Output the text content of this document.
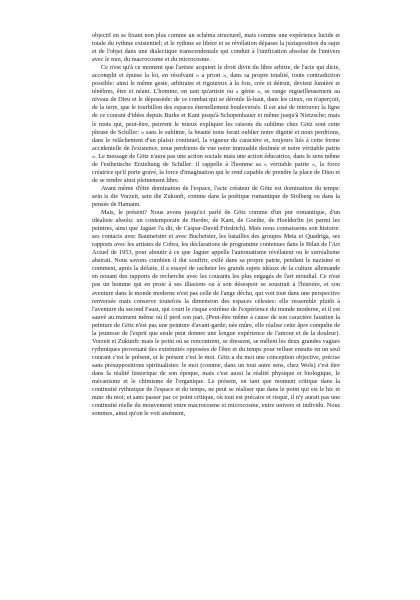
objectif en se fixant non plus comme un schéma structurel, mais comme une expérience lucide et totale du rythme existentiel; et le rythme se libère et se révélation dépasse la juxtaposition du sujet et de l'objet dans une dialectique transcendentale qui conduit à l'unification absolue de l'univers avec le moi, du macrocosme et du microcosme.

Ce n'est qu'à ce moment que l'artiste acquiert le droit divin du libre arbitre, de l'acte qui dicte, accomplit et épuise la loi, en résolvant « a priori », dans sa propre totalité, toute contradiction possible: ainsi le même geste, arbitraire et rigoureux à la fois, crée et détruit, devient lumière et ténèbres, être et néant. L'homme, en tant qu'artiste ou « génie », se range orgueilleusement au niveau de Dieu et le dépossède: de ce combat qui se déroule là-haut, dans les cieux, on n'aperçoit, de la terre, que le tourbillon des espaces éternellement bouleversés. Il est aisé de retrouver la ligne de ce courant d'idées depuis Burke et Kant jusqu'à Schopenhauer et même jusqu'à Nietzsche; mais le mots qui, peut-être, peuvent le mieux expliquer les raisons du sublime chez Götz sont cette phrase de Schiller: « sans le sublime, la beauté nous ferait oublier notre dignité et nous perdrions, dans le relâchement d'un plaisir continuel, la vigueur du caractère et, toujours liés à cette forme accidentelle de l'existence, nous perdrions de vue notre immuable destinée et notre véritable patrie ». Le message de Götz n'aura pas une action sociale mais une action éducatrice, dans le sens même de l'esthetische Erziehung de Schiller: il rappelle à l'homme sa « véritable patrie », la force créatrice qu'il porte gravé, la force d'imagination qui le rend capable de prendre la place de Dieu et de se rendre ainsi pleinement libre.

Avant même d'être domination de l'espace, l'acte créateur de Götz est domination du temps: sein is die Vorzeit, sein die Zukunft, comme dans la poétique romantique de Stolberg ou dans la pensée de Hamann.

Mais, le présent? Nous avons jusqu'ici parlé de Götz comme d'un pur romantique, d'un idéaliste absolu: un contemporain de Herder, de Kant, de Goethe, de Hoelderlin (et parmi les peintres, ainsi que Jaguer l'a dit, de Caspar-David Friedrich). Mais nous connaissons son histoire: ses contacts avec Baumeister et avec Bucheister, les batailles des groupes Meta et Quadriga, ses rapports avec les artistes de Cobra, les déclarations de programme contenues dans le Bilan de l'Art Actuel de 1953, pour aboutir à ce que Jaguer appelle l'automatisme révélateur ou le surréalisme abstrait. Nous savons combien il dut souffrir, exilé dans sa propre patrie, pendant le nazisme et comment, après la défaite, il a essayé de racheter les grands sujets idéaux de la culture allemande en nouant des rapports de recherche avec les courants les plus engagés de l'art mondial. Ce n'est pas un homme qui en proie à ses illusions ou à son désespoir se soustrait à l'histoire, et son aventure dans le monde moderne n'est pas celle de l'ange déchu, qui voit tout dans une perspective renversée mais conserve toutefois la dimension des espaces célestes: elle ressemble plutôt à l'aventure du second Faust, qui court le risque extrême de l'expérience du monde moderne, et il est sauvé au moment même où il perd son pari. (Peut-être même à cause de son caractère faustien la peinture de Götz n'est pas une peinture d'avant-garde; née mûre, elle réalise cette âpre conquête de la jeunesse de l'esprit que seule peut donner une longue expérience de l'amour et de la douleur). Vorzeit et Zukunft: mais le point où se rencontrent, se dressent, se mêlent les deux grandes vagues rythmiques provenant des extrémités opposées de l'être et du temps pour refluer ensuite en un seul courant c'est le présent, et le présent c'est le moi. Götz a du moi une conception objective, précise sans présuppositions spiritualistes: le moi (comme, dans un tout autre sens, chez Wols) c'est être dans la réalité historique de son époque, mais c'est aussi la réalité physique et biologique, le mécanisme et le chimisme de l'organique. Le présent, en tant que moment critique dans la continuité rythmique de l'espace et du temps, ne peut se réaliser que dans le point qui est le hic et nunc du moi; et sans passer par ce point critique, où tout est précaire et risqué, il n'y aurait pas une continuité réelle du mouvement entre macrocosme et microcosme, entre univers et individu. Nous sommes, ainsi qu'on le voit aisément,
